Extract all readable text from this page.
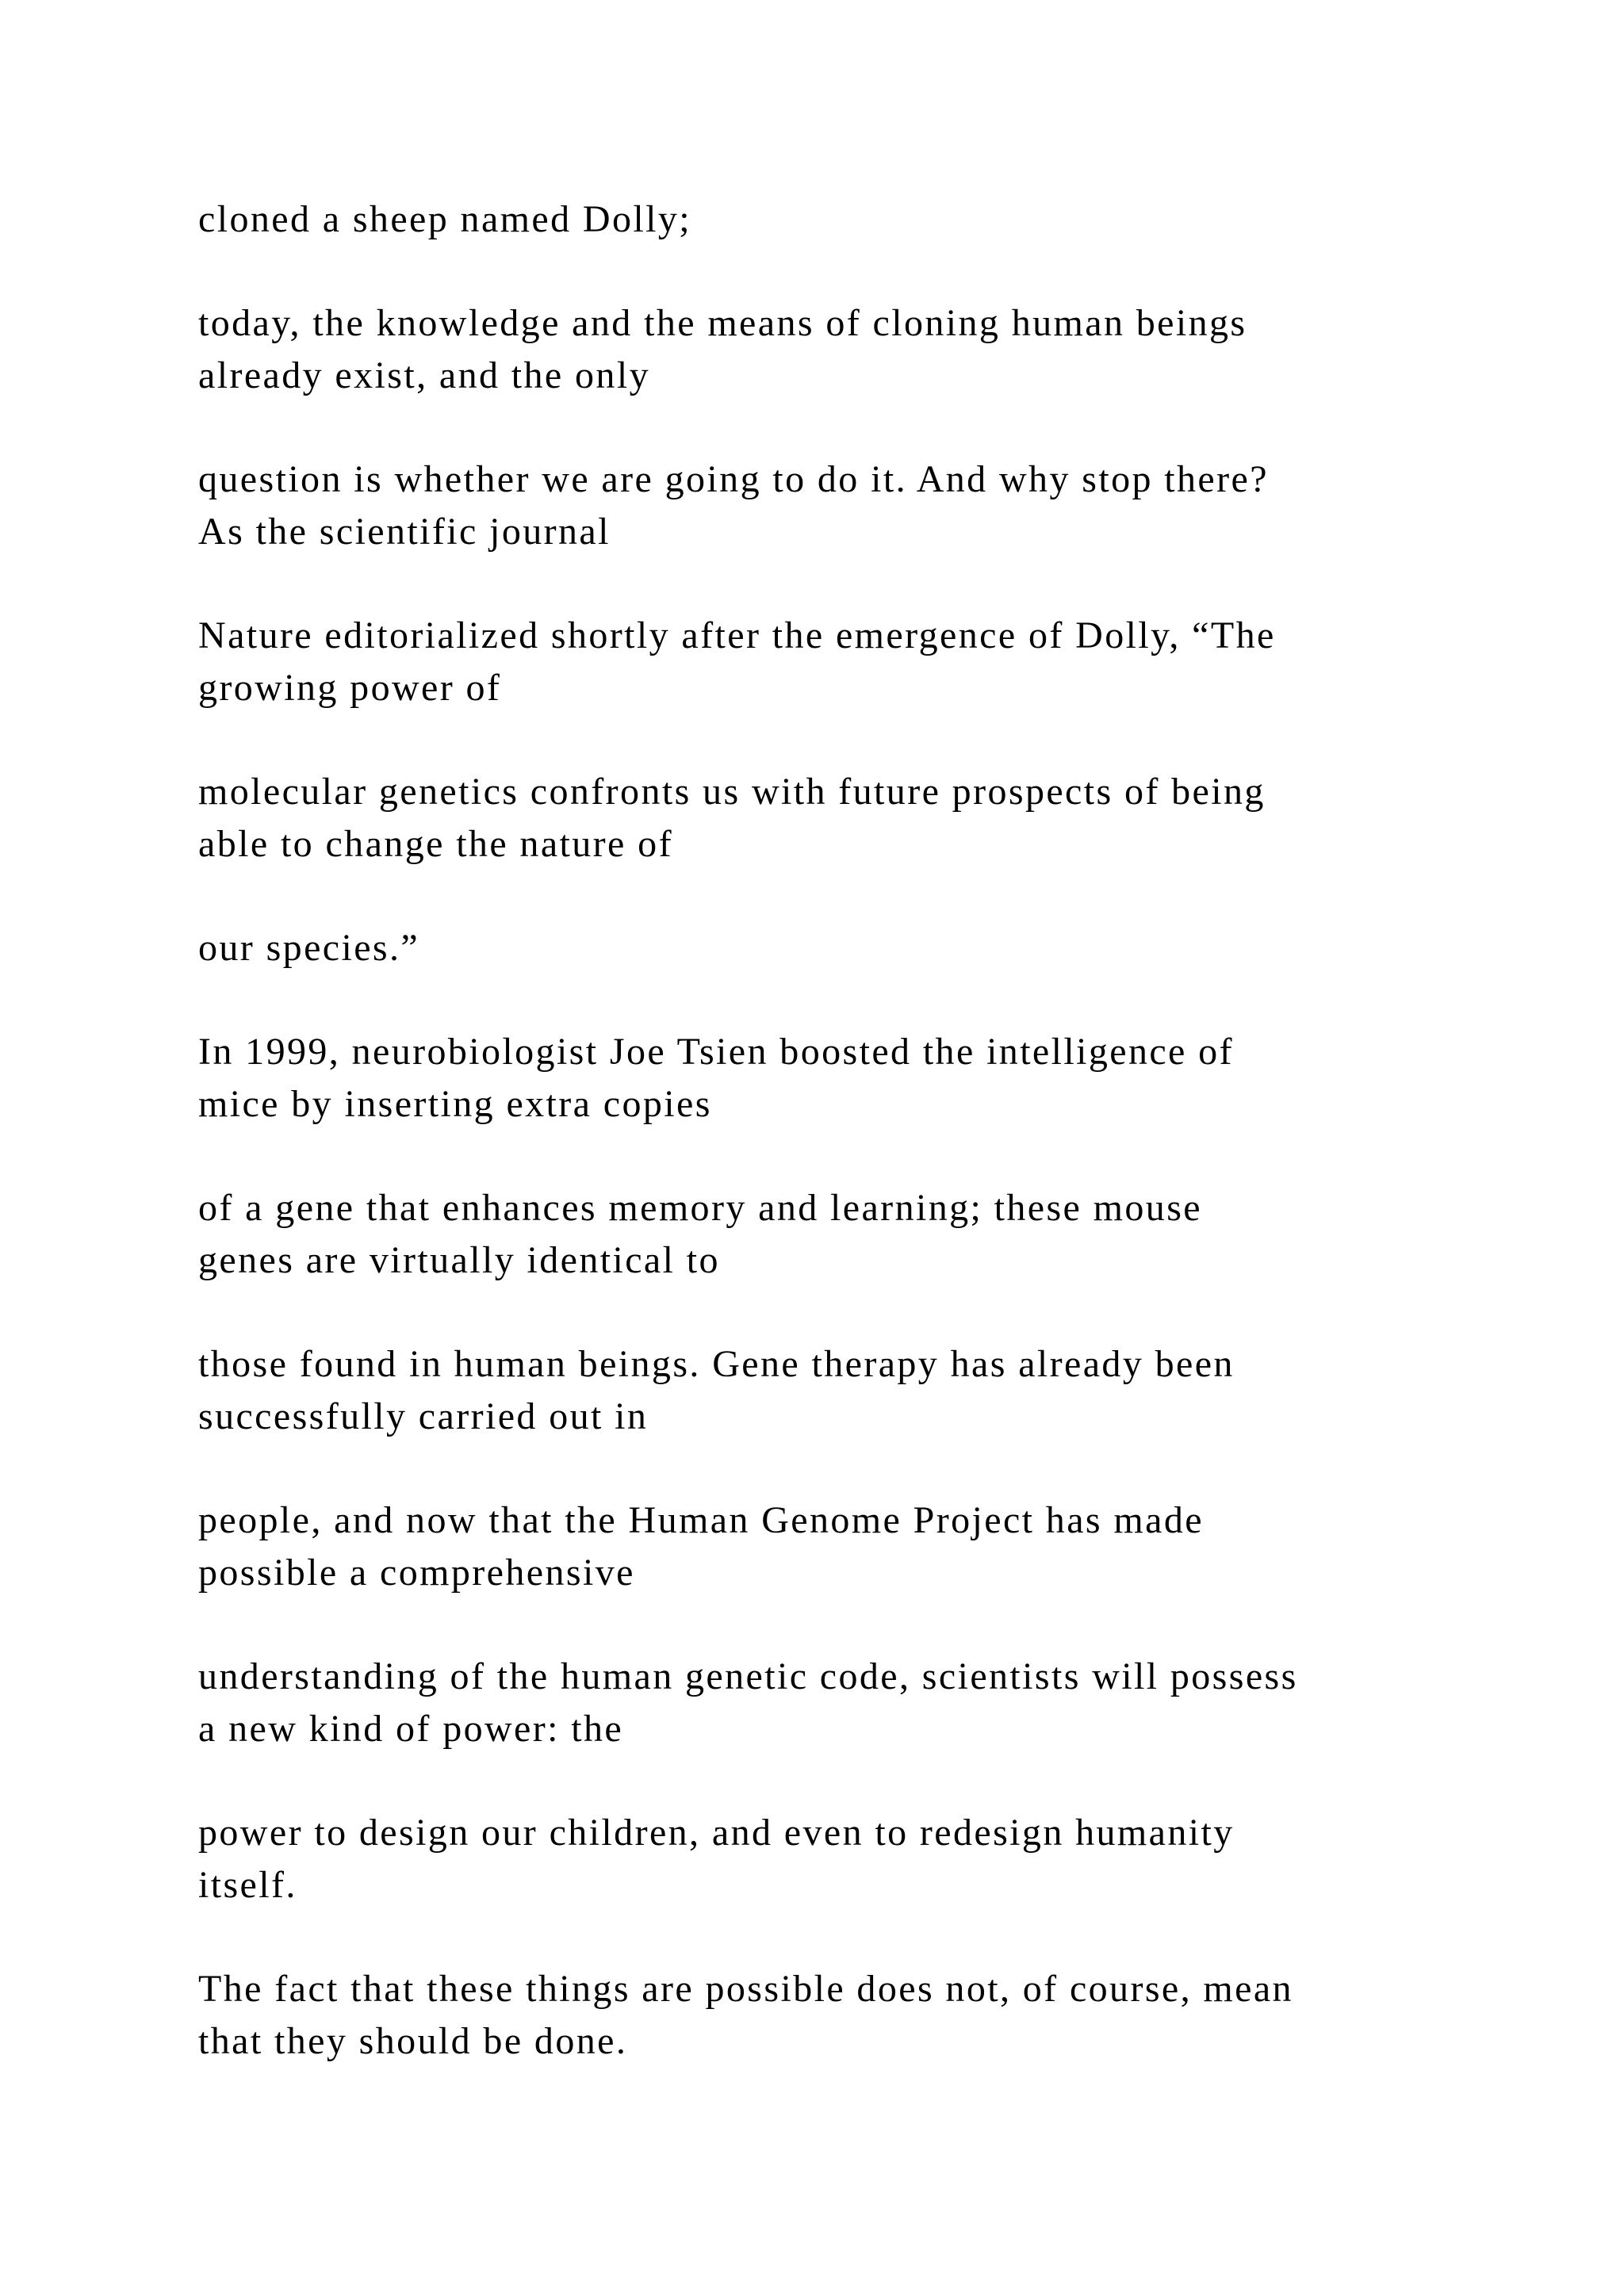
cloned a sheep named Dolly;

today, the knowledge and the means of cloning human beings
already exist, and the only

question is whether we are going to do it. And why stop there?
As the scientific journal

Nature editorialized shortly after the emergence of Dolly, “The
growing power of

molecular genetics confronts us with future prospects of being
able to change the nature of

our species.”

In 1999, neurobiologist Joe Tsien boosted the intelligence of
mice by inserting extra copies

of a gene that enhances memory and learning; these mouse
genes are virtually identical to

those found in human beings. Gene therapy has already been
successfully carried out in

people, and now that the Human Genome Project has made
possible a comprehensive

understanding of the human genetic code, scientists will possess
a new kind of power: the

power to design our children, and even to redesign humanity
itself.

The fact that these things are possible does not, of course, mean
that they should be done.
